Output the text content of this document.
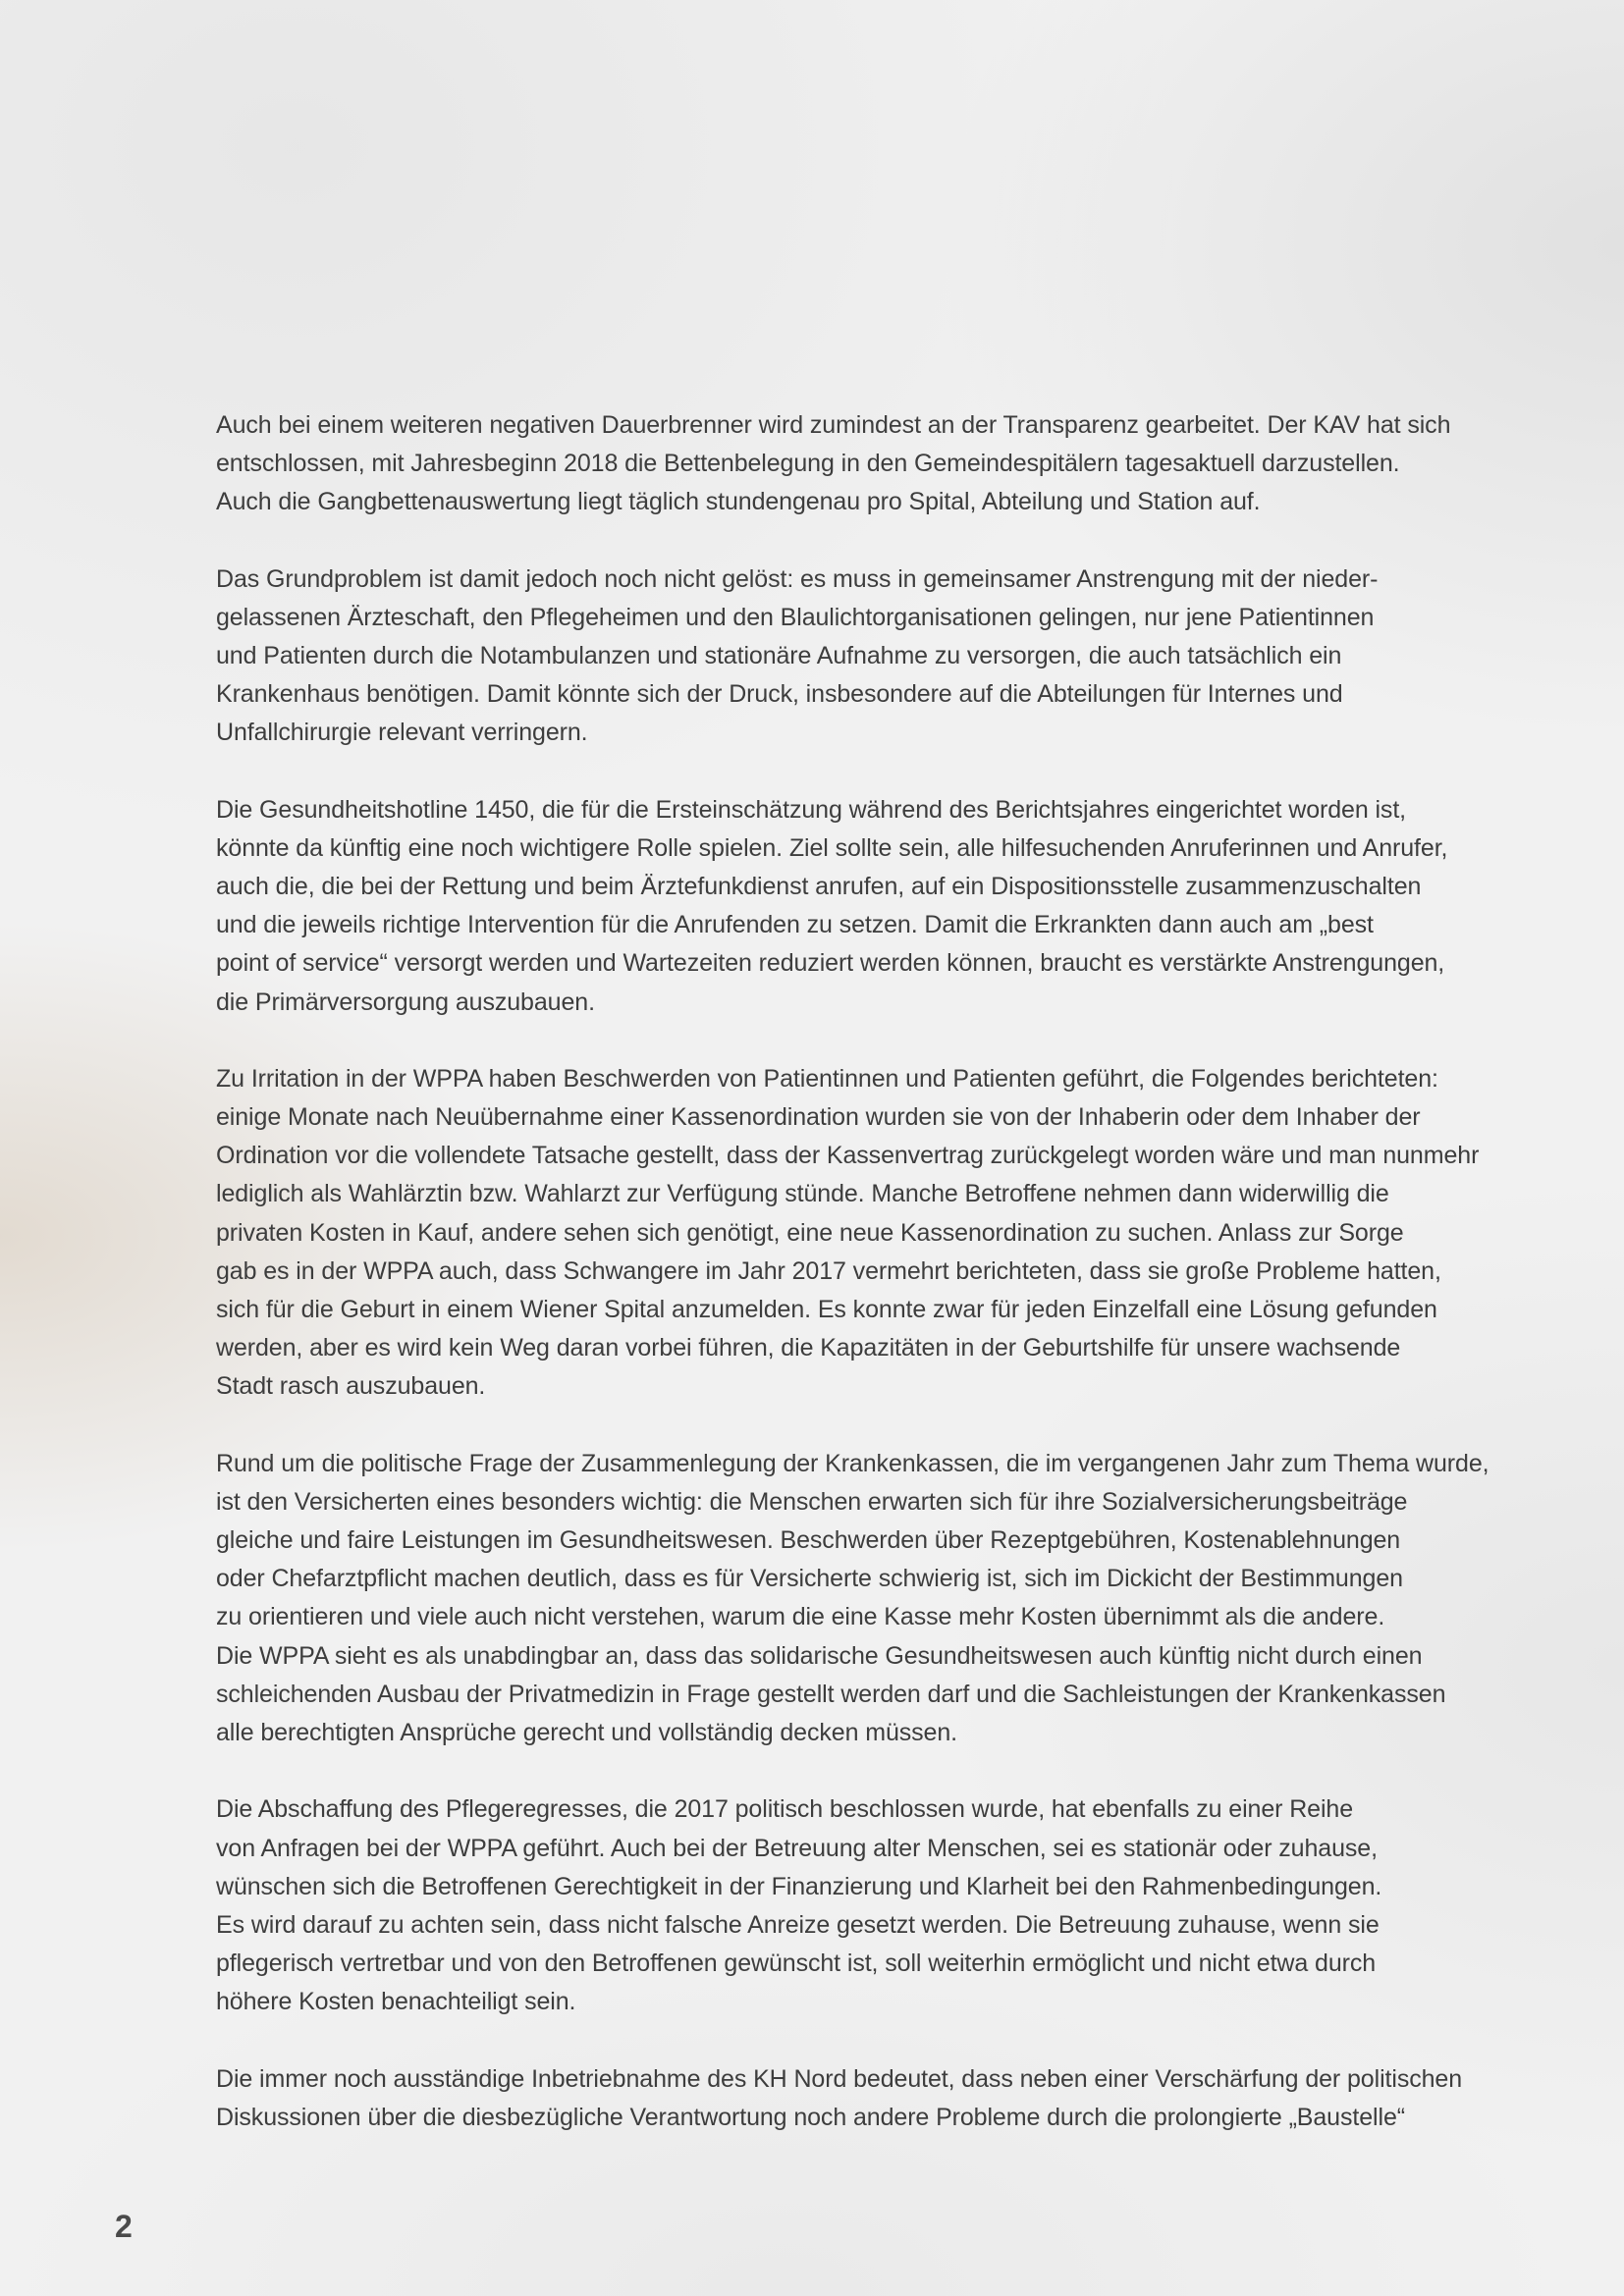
Auch bei einem weiteren negativen Dauerbrenner wird zumindest an der Transparenz gearbeitet. Der KAV hat sich
entschlossen, mit Jahresbeginn 2018 die Bettenbelegung in den Gemeindespitälern tagesaktuell darzustellen.
Auch die Gangbettenauswertung liegt täglich stundengenau pro Spital, Abteilung und Station auf.

Das Grundproblem ist damit jedoch noch nicht gelöst: es muss in gemeinsamer Anstrengung mit der nieder-
gelassenen Ärzteschaft, den Pflegeheimen und den Blaulichtorganisationen gelingen, nur jene Patientinnen
und Patienten durch die Notambulanzen und stationäre Aufnahme zu versorgen, die auch tatsächlich ein
Krankenhaus benötigen. Damit könnte sich der Druck, insbesondere auf die Abteilungen für Internes und
Unfallchirurgie relevant verringern.

Die Gesundheitshotline 1450, die für die Ersteinschätzung während des Berichtsjahres eingerichtet worden ist,
könnte da künftig eine noch wichtigere Rolle spielen. Ziel sollte sein, alle hilfesuchenden Anruferinnen und Anrufer,
auch die, die bei der Rettung und beim Ärztefunkdienst anrufen, auf ein Dispositionsstelle zusammenzuschalten
und die jeweils richtige Intervention für die Anrufenden zu setzen. Damit die Erkrankten dann auch am „best
point of service“ versorgt werden und Wartezeiten reduziert werden können, braucht es verstärkte Anstrengungen,
die Primärversorgung auszubauen.

Zu Irritation in der WPPA haben Beschwerden von Patientinnen und Patienten geführt, die Folgendes berichteten:
einige Monate nach Neuübernahme einer Kassenordination wurden sie von der Inhaberin oder dem Inhaber der
Ordination vor die vollendete Tatsache gestellt, dass der Kassenvertrag zurückgelegt worden wäre und man nunmehr
lediglich als Wahlärztin bzw. Wahlarzt zur Verfügung stünde. Manche Betroffene nehmen dann widerwillig die
privaten Kosten in Kauf, andere sehen sich genötigt, eine neue Kassenordination zu suchen. Anlass zur Sorge
gab es in der WPPA auch, dass Schwangere im Jahr 2017 vermehrt berichteten, dass sie große Probleme hatten,
sich für die Geburt in einem Wiener Spital anzumelden. Es konnte zwar für jeden Einzelfall eine Lösung gefunden
werden, aber es wird kein Weg daran vorbei führen, die Kapazitäten in der Geburtshilfe für unsere wachsende
Stadt rasch auszubauen.

Rund um die politische Frage der Zusammenlegung der Krankenkassen, die im vergangenen Jahr zum Thema wurde,
ist den Versicherten eines besonders wichtig: die Menschen erwarten sich für ihre Sozialversicherungsbeiträge
gleiche und faire Leistungen im Gesundheitswesen. Beschwerden über Rezeptgebühren, Kostenablehnungen
oder Chefarztpflicht machen deutlich, dass es für Versicherte schwierig ist, sich im Dickicht der Bestimmungen
zu orientieren und viele auch nicht verstehen, warum die eine Kasse mehr Kosten übernimmt als die andere.
Die WPPA sieht es als unabdingbar an, dass das solidarische Gesundheitswesen auch künftig nicht durch einen
schleichenden Ausbau der Privatmedizin in Frage gestellt werden darf und die Sachleistungen der Krankenkassen
alle berechtigten Ansprüche gerecht und vollständig decken müssen.

Die Abschaffung des Pflegeregresses, die 2017 politisch beschlossen wurde, hat ebenfalls zu einer Reihe
von Anfragen bei der WPPA geführt. Auch bei der Betreuung alter Menschen, sei es stationär oder zuhause,
wünschen sich die Betroffenen Gerechtigkeit in der Finanzierung und Klarheit bei den Rahmenbedingungen.
Es wird darauf zu achten sein, dass nicht falsche Anreize gesetzt werden. Die Betreuung zuhause, wenn sie
pflegerisch vertretbar und von den Betroffenen gewünscht ist, soll weiterhin ermöglicht und nicht etwa durch
höhere Kosten benachteiligt sein.

Die immer noch ausständige Inbetriebnahme des KH Nord bedeutet, dass neben einer Verschärfung der politischen
Diskussionen über die diesbezügliche Verantwortung noch andere Probleme durch die prolongierte „Baustelle“

2
